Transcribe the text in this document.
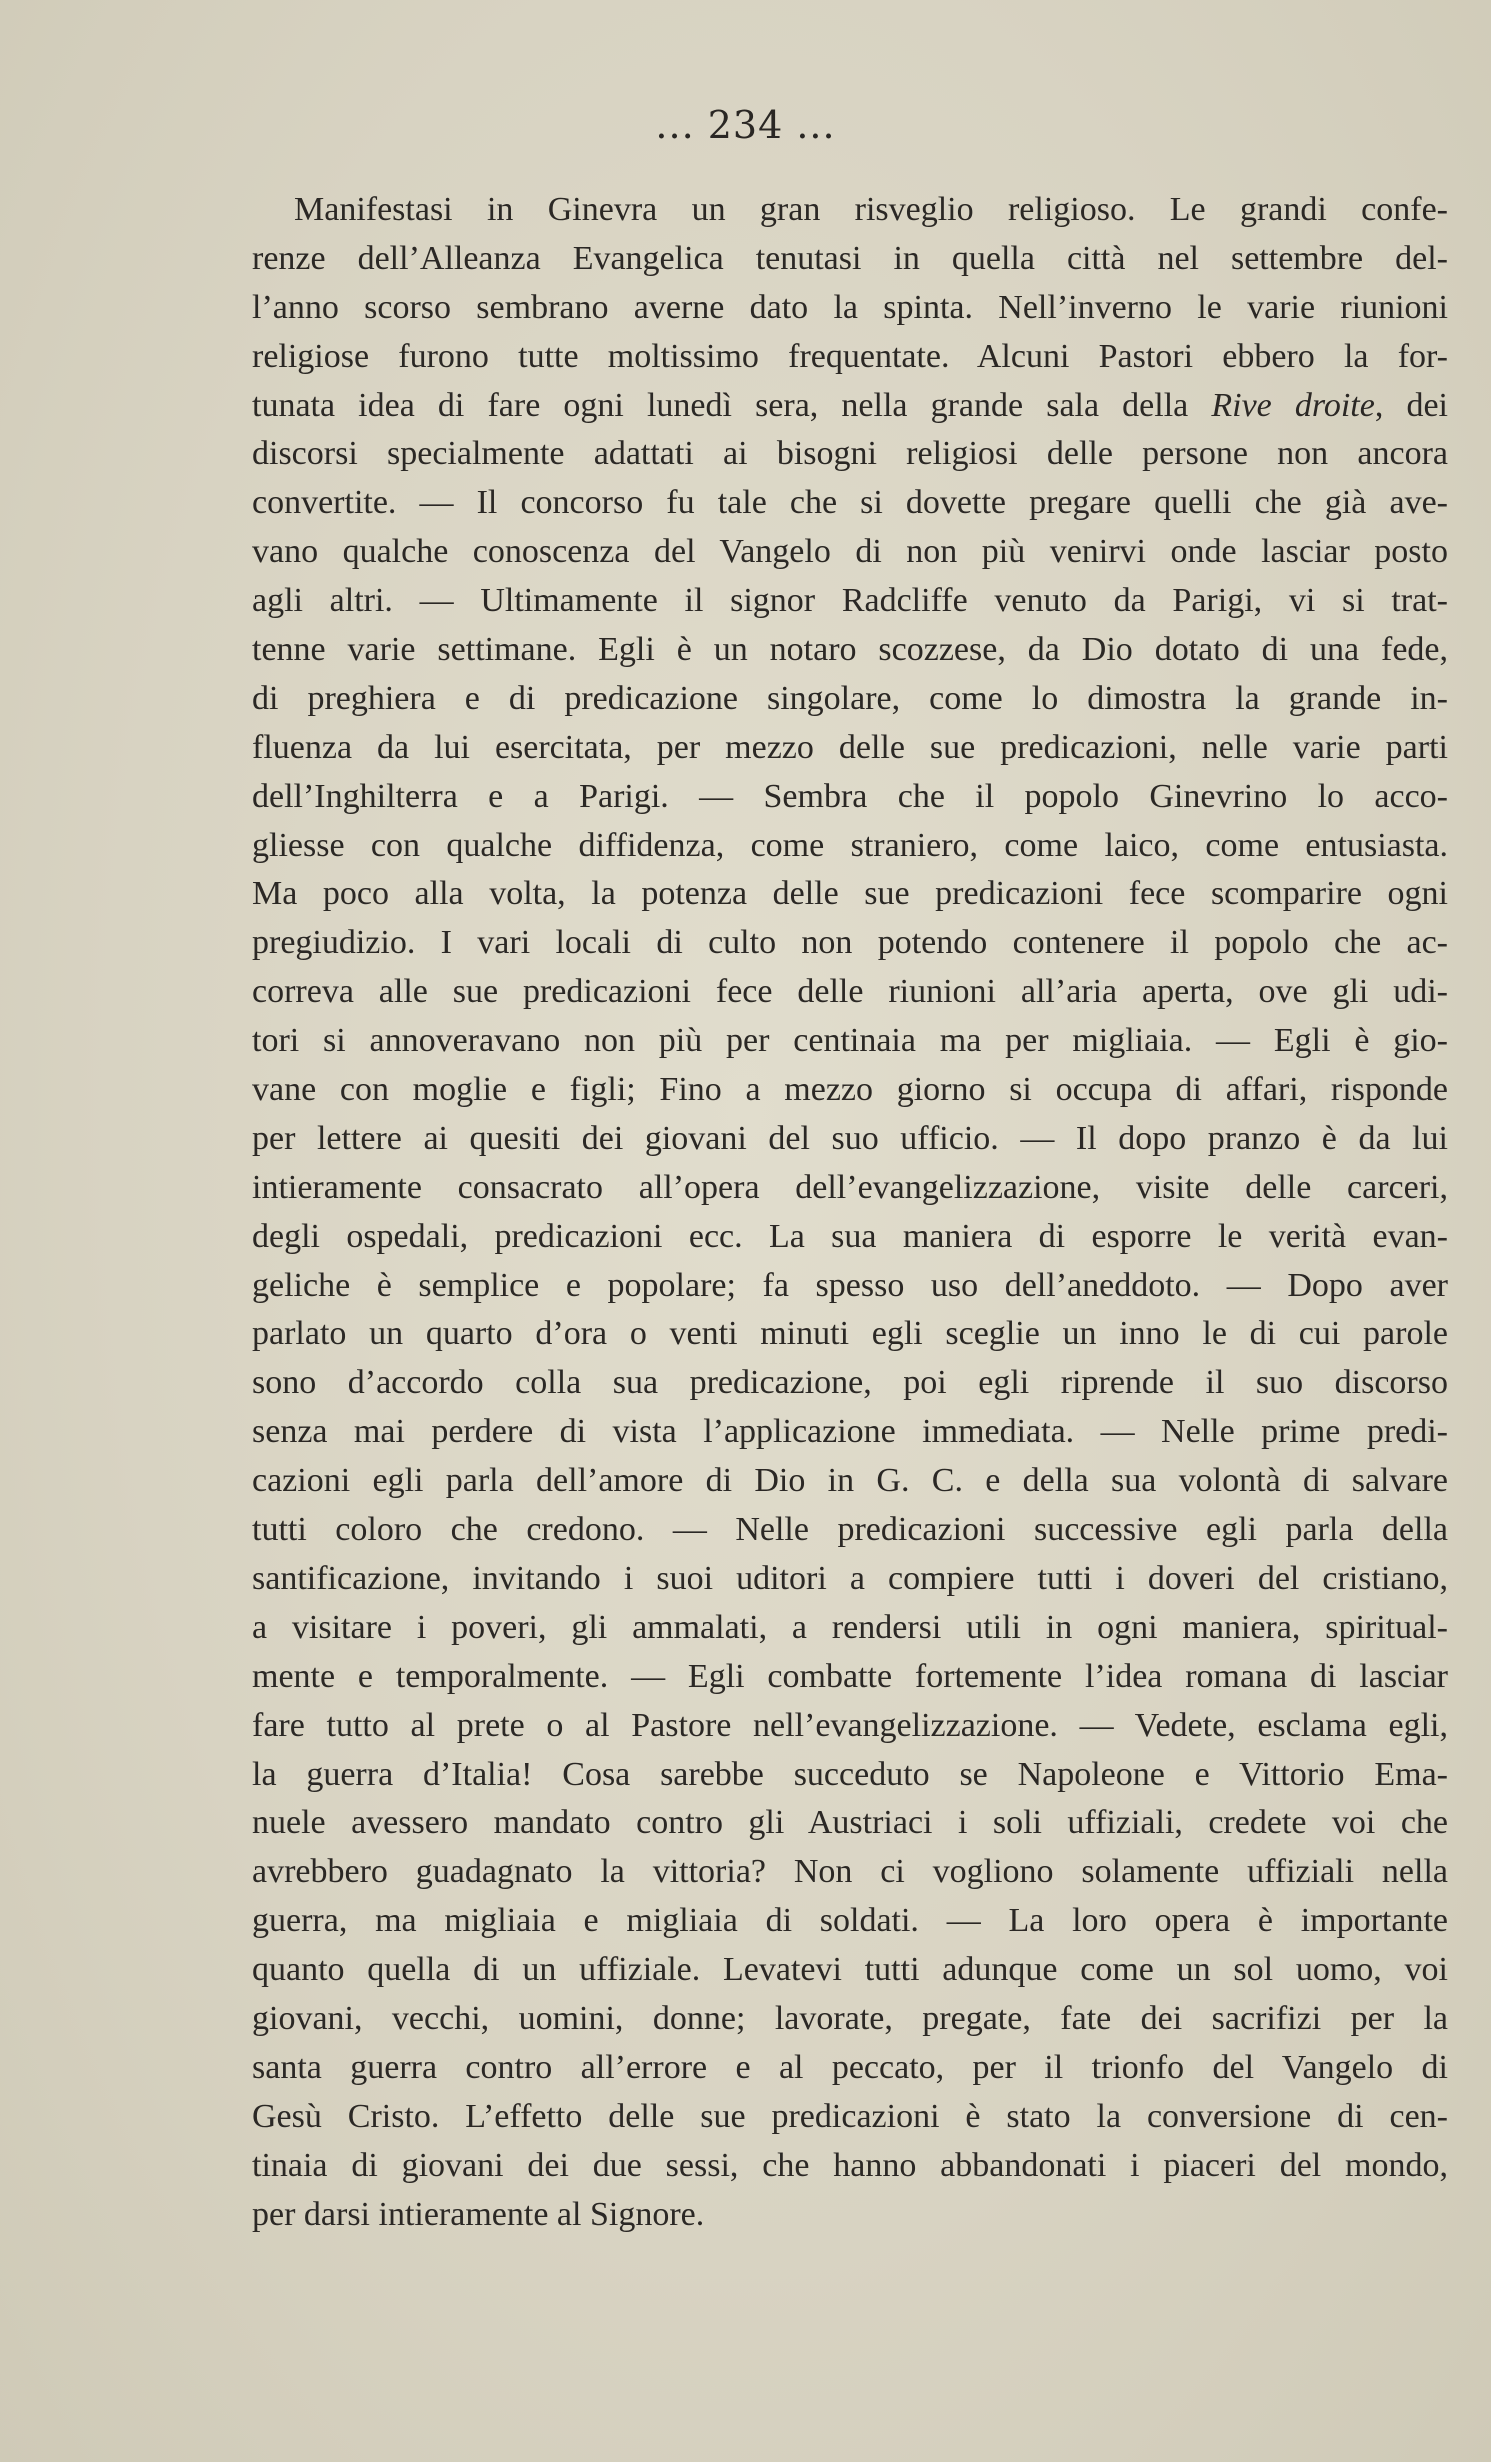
... 234 ...
Manifestasi in Ginevra un gran risveglio religioso. Le grandi confe-
renze dell’Alleanza Evangelica tenutasi in quella città nel settembre del-
l’anno scorso sembrano averne dato la spinta. Nell’inverno le varie riunioni
religiose furono tutte moltissimo frequentate. Alcuni Pastori ebbero la for-
tunata idea di fare ogni lunedì sera, nella grande sala della Rive droite, dei
discorsi specialmente adattati ai bisogni religiosi delle persone non ancora
convertite. — Il concorso fu tale che si dovette pregare quelli che già ave-
vano qualche conoscenza del Vangelo di non più venirvi onde lasciar posto
agli altri. — Ultimamente il signor Radcliffe venuto da Parigi, vi si trat-
tenne varie settimane. Egli è un notaro scozzese, da Dio dotato di una fede,
di preghiera e di predicazione singolare, come lo dimostra la grande in-
fluenza da lui esercitata, per mezzo delle sue predicazioni, nelle varie parti
dell’Inghilterra e a Parigi. — Sembra che il popolo Ginevrino lo acco-
gliesse con qualche diffidenza, come straniero, come laico, come entusiasta.
Ma poco alla volta, la potenza delle sue predicazioni fece scomparire ogni
pregiudizio. I vari locali di culto non potendo contenere il popolo che ac-
correva alle sue predicazioni fece delle riunioni all’aria aperta, ove gli udi-
tori si annoveravano non più per centinaia ma per migliaia. — Egli è gio-
vane con moglie e figli; Fino a mezzo giorno si occupa di affari, risponde
per lettere ai quesiti dei giovani del suo ufficio. — Il dopo pranzo è da lui
intieramente consacrato all’opera dell’evangelizzazione, visite delle carceri,
degli ospedali, predicazioni ecc. La sua maniera di esporre le verità evan-
geliche è semplice e popolare; fa spesso uso dell’aneddoto. — Dopo aver
parlato un quarto d’ora o venti minuti egli sceglie un inno le di cui parole
sono d’accordo colla sua predicazione, poi egli riprende il suo discorso
senza mai perdere di vista l’applicazione immediata. — Nelle prime predi-
cazioni egli parla dell’amore di Dio in G. C. e della sua volontà di salvare
tutti coloro che credono. — Nelle predicazioni successive egli parla della
santificazione, invitando i suoi uditori a compiere tutti i doveri del cristiano,
a visitare i poveri, gli ammalati, a rendersi utili in ogni maniera, spiritual-
mente e temporalmente. — Egli combatte fortemente l’idea romana di lasciar
fare tutto al prete o al Pastore nell’evangelizzazione. — Vedete, esclama egli,
la guerra d’Italia! Cosa sarebbe succeduto se Napoleone e Vittorio Ema-
nuele avessero mandato contro gli Austriaci i soli uffiziali, credete voi che
avrebbero guadagnato la vittoria? Non ci vogliono solamente uffiziali nella
guerra, ma migliaia e migliaia di soldati. — La loro opera è importante
quanto quella di un uffiziale. Levatevi tutti adunque come un sol uomo, voi
giovani, vecchi, uomini, donne; lavorate, pregate, fate dei sacrifizi per la
santa guerra contro all’errore e al peccato, per il trionfo del Vangelo di
Gesù Cristo. L’effetto delle sue predicazioni è stato la conversione di cen-
tinaia di giovani dei due sessi, che hanno abbandonati i piaceri del mondo,
per darsi intieramente al Signore.
